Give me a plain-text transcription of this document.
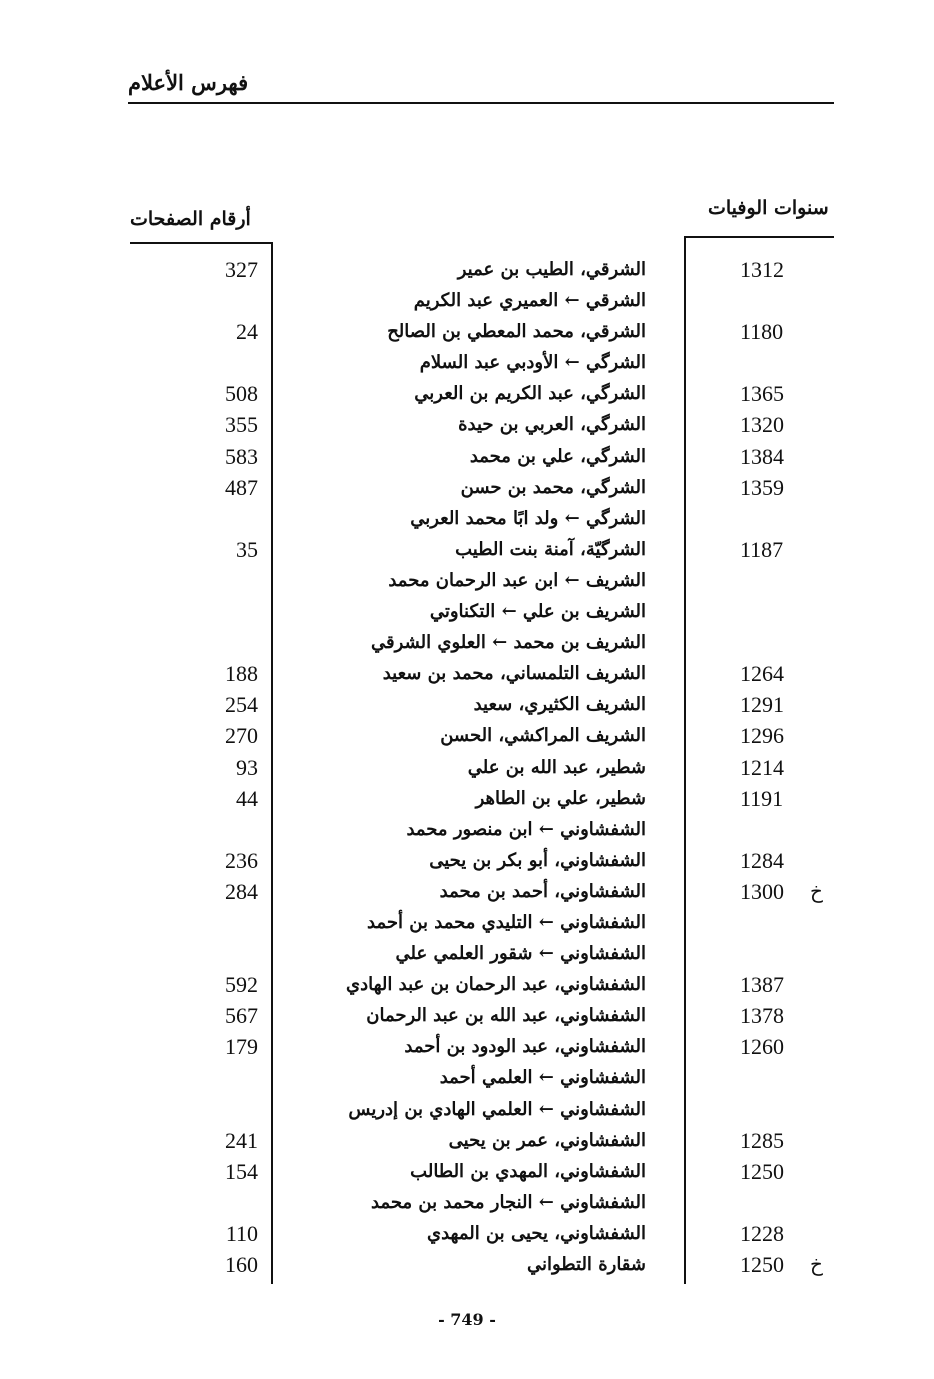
فهرس الأعلام
سنوات الوفيات
أرقام الصفحات
327	الشرقي، الطيب بن عمير	1312
الشرقي ← العميري عبد الكريم
24	الشرقي، محمد المعطي بن الصالح	1180
الشرگي ← الأودبي عبد السلام
508	الشرگي، عبد الكريم بن العربي	1365
355	الشرگي، العربي بن حيدة	1320
583	الشرگي، علي بن محمد	1384
487	الشرگي، محمد بن حسن	1359
الشرگي ← ولد ابًا محمد العربي
35	الشرگيّة، آمنة بنت الطيب	1187
الشريف ← ابن عبد الرحمان محمد
الشريف بن علي ← التكناوتي
الشريف بن محمد ← العلوي الشرقي
188	الشريف التلمساني، محمد بن سعيد	1264
254	الشريف الكثيري، سعيد	1291
270	الشريف المراكشي، الحسن	1296
93	شطير، عبد الله بن علي	1214
44	شطير، علي بن الطاهر	1191
الشفشاوني ← ابن منصور محمد
236	الشفشاوني، أبو بكر بن يحيى	1284
284	الشفشاوني، أحمد بن محمد	1300 خ
الشفشاوني ← التليدي محمد بن أحمد
الشفشاوني ← شقور العلمي علي
592	الشفشاوني، عبد الرحمان بن عبد الهادي	1387
567	الشفشاوني، عبد الله بن عبد الرحمان	1378
179	الشفشاوني، عبد الودود بن أحمد	1260
الشفشاوني ← العلمي أحمد
الشفشاوني ← العلمي الهادي بن إدريس
241	الشفشاوني، عمر بن يحيى	1285
154	الشفشاوني، المهدي بن الطالب	1250
الشفشاوني ← النجار محمد بن محمد
110	الشفشاوني، يحيى بن المهدي	1228
160	شقارة التطواني	1250 خ
- 749 -
